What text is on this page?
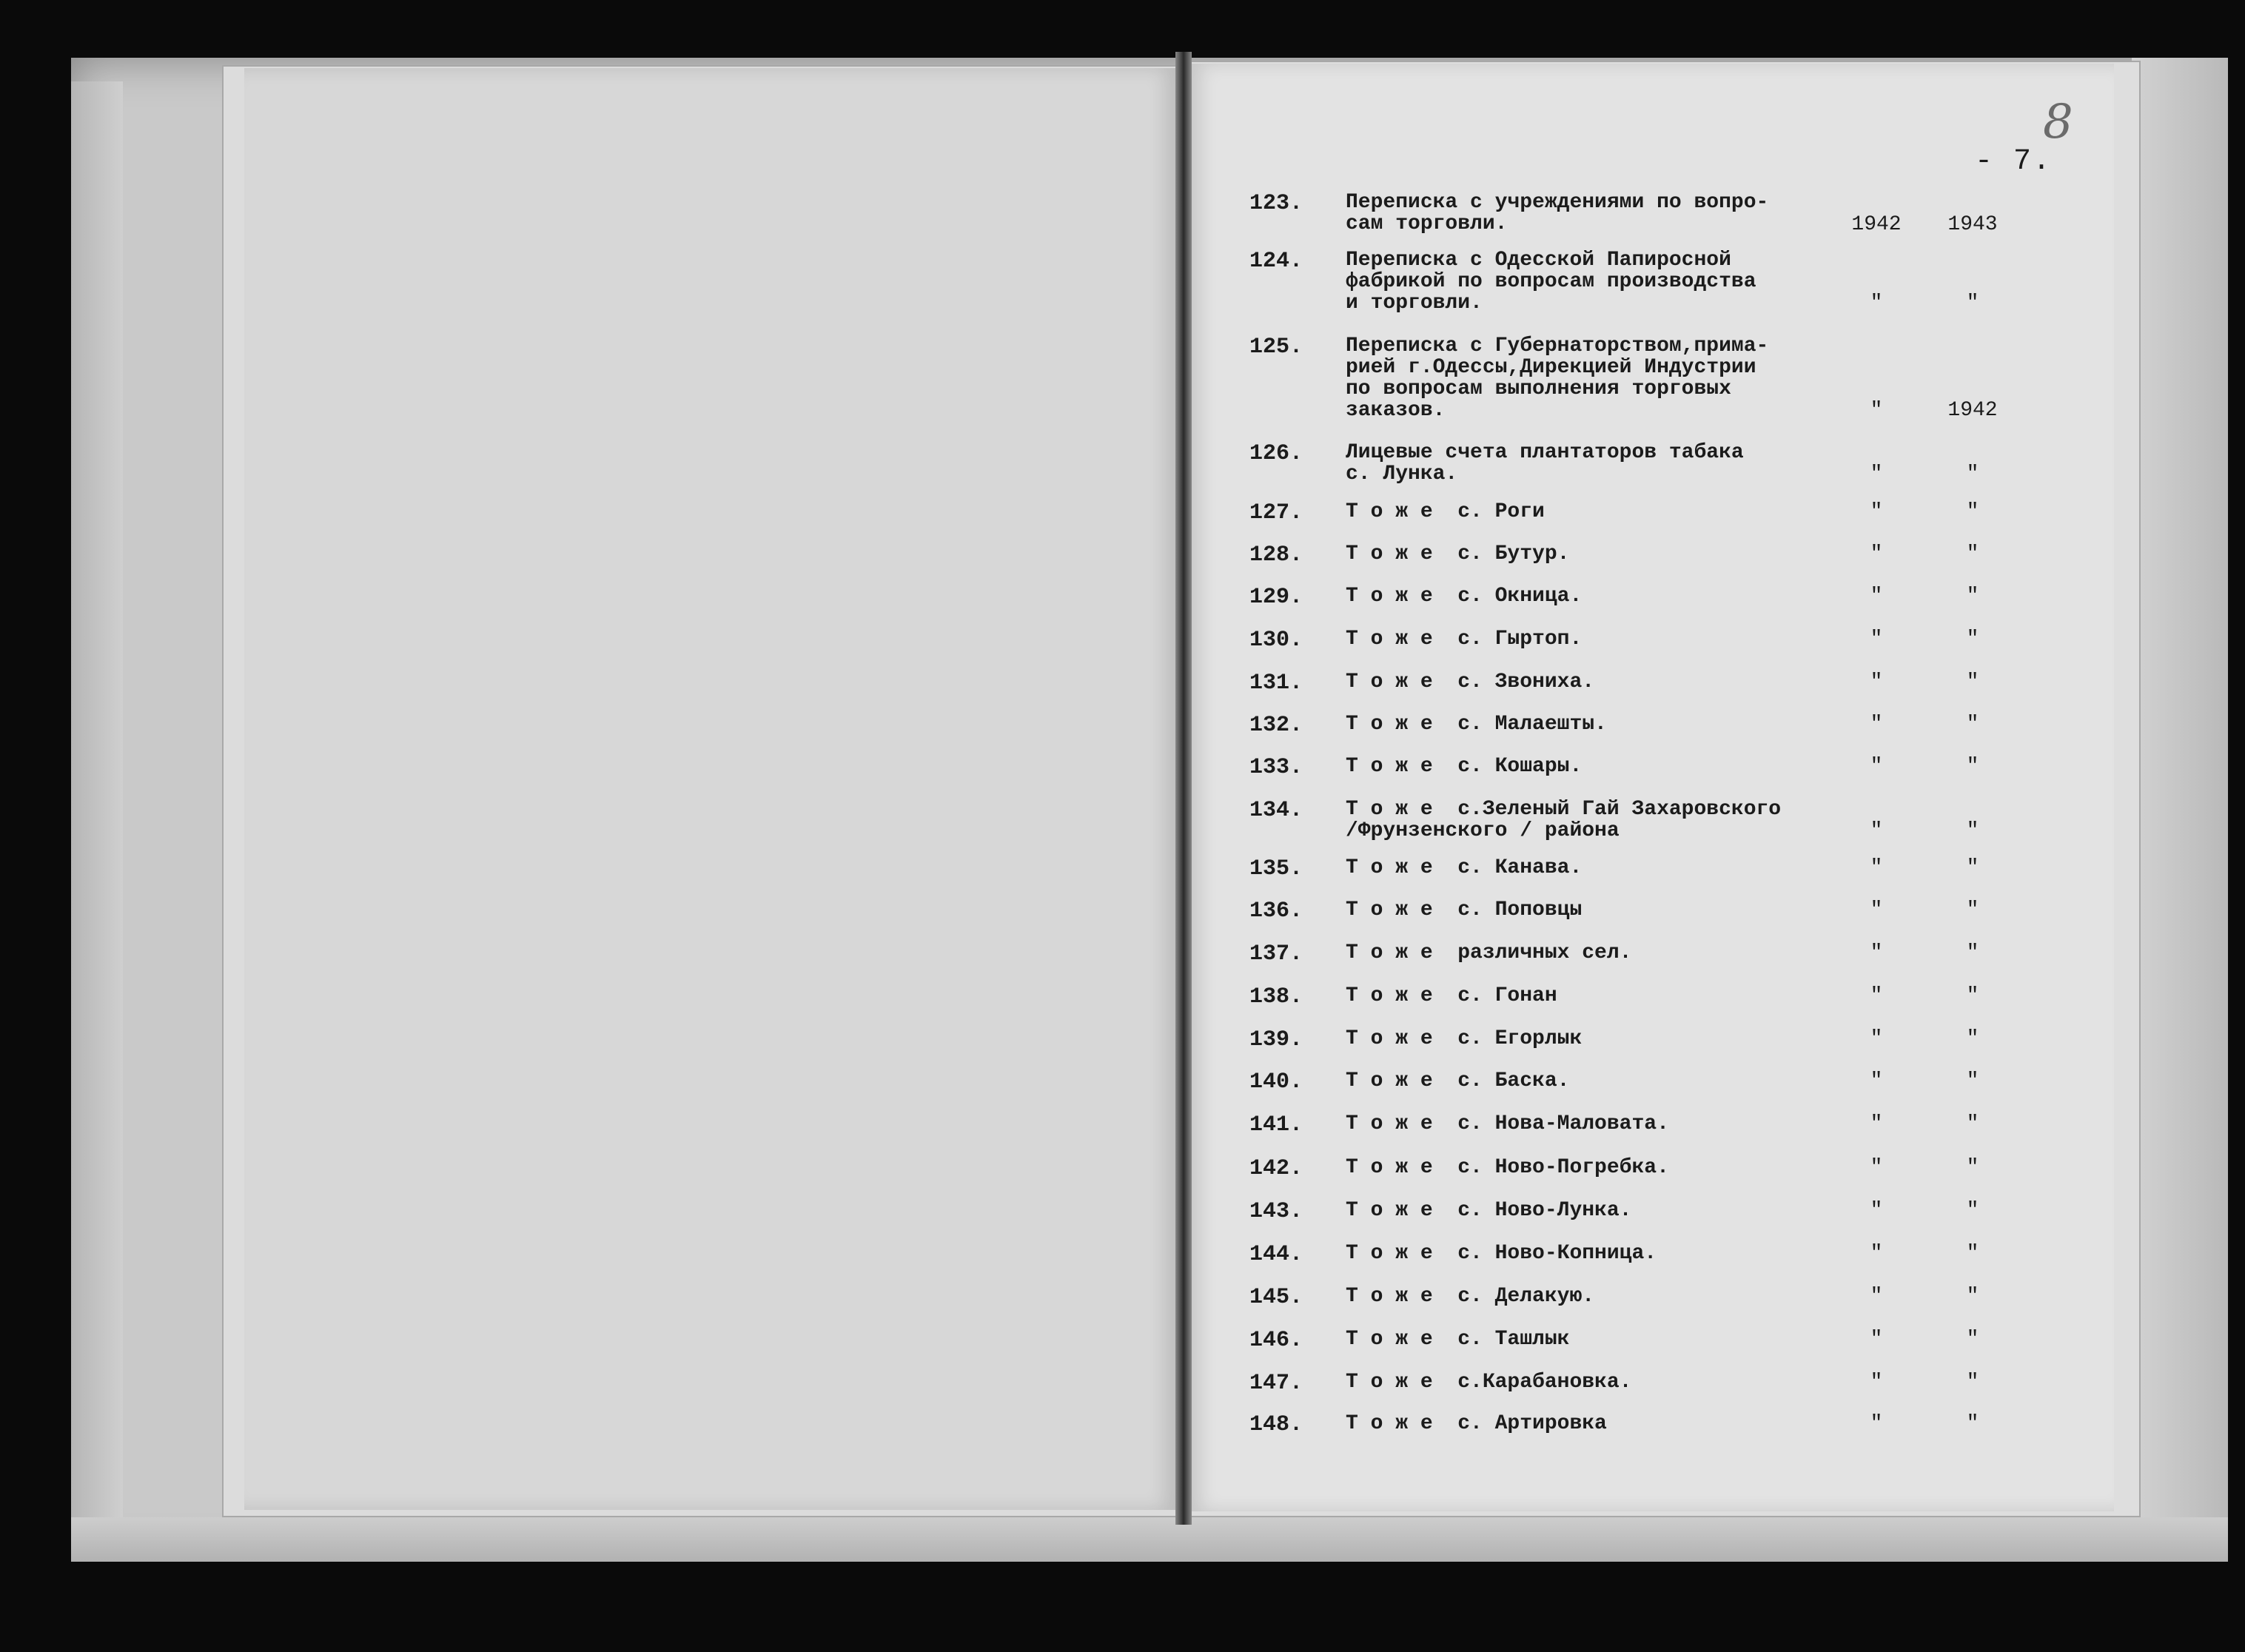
8
- 7.
123.	Переписка с учреждениями по вопро-
сам торговли.	1942	1943
124.	Переписка с Одесской Папиросной
фабрикой по вопросам производства
и торговли.	"	"
125.	Переписка с Губернаторством,прима-
рией г.Одессы,Дирекцией Индустрии
по вопросам выполнения торговых
заказов.	"	1942
126.	Лицевые счета плантаторов табака
с. Лунка.	"	"
127.	Т о ж е  с. Роги	"	"
128.	Т о ж е  с. Бутур.	"	"
129.	Т о ж е  с. Окница.	"	"
130.	Т о ж е  с. Гыртоп.	"	"
131.	Т о ж е  с. Звониха.	"	"
132.	Т о ж е  с. Малаешты.	"	"
133.	Т о ж е  с. Кошары.	"	"
134.	Т о ж е  с.Зеленый Гай Захаровского
/Фрунзенского / района	"	"
135.	Т о ж е  с. Канава.	"	"
136.	Т о ж е  с. Поповцы	"	"
137.	Т о ж е  различных сел.	"	"
138.	Т о ж е  с. Гонан	"	"
139.	Т о ж е  с. Егорлык	"	"
140.	Т о ж е  с. Баска.	"	"
141.	Т о ж е  с. Нова-Маловата.	"	"
142.	Т о ж е  с. Ново-Погребка.	"	"
143.	Т о ж е  с. Ново-Лунка.	"	"
144.	Т о ж е  с. Ново-Копница.	"	"
145.	Т о ж е  с. Делакую.	"	"
146.	Т о ж е  с. Ташлык	"	"
147.	Т о ж е  с.Карабановка.	"	"
148.	Т о ж е  с. Артировка	"	"
